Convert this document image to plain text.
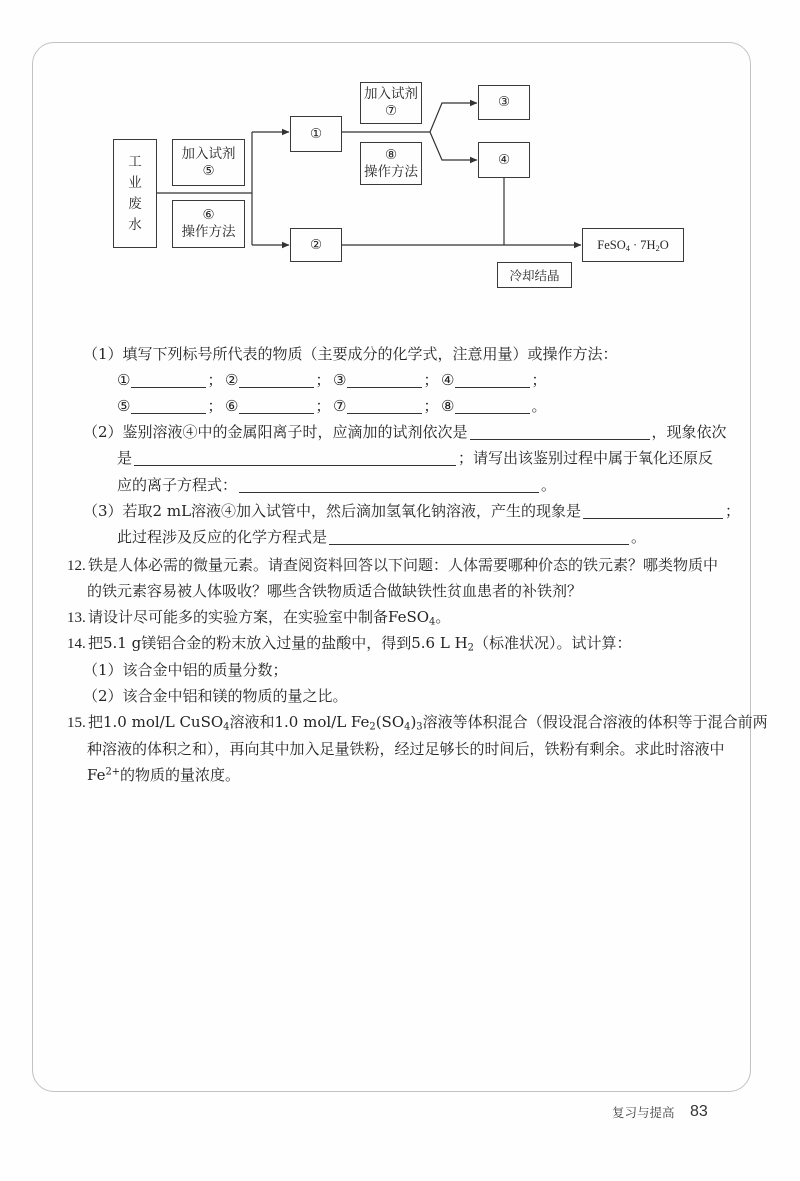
工业废水
加入试剂
⑤
⑥
操作方法
①
②
加入试剂
⑦
⑧
操作方法
③
④
FeSO$_4$ · $7H_2O$
冷却结晶
（1）填写下列标号所代表的物质（主要成分的化学式，注意用量）或操作方法：
①	； ②	； ③	； ④	；
⑤	； ⑥	； ⑦	； ⑧	。
（2）鉴别溶液④中的金属阳离子时，应滴加的试剂依次是	，现象依次
是	；请写出该鉴别过程中属于氧化还原反
应的离子方程式：	。
（3）若取2 mL溶液④加入试管中，然后滴加氢氧化钠溶液，产生的现象是	；
此过程涉及反应的化学方程式是	。
12. 铁是人体必需的微量元素。请查阅资料回答以下问题：人体需要哪种价态的铁元素？哪类物质中
的铁元素容易被人体吸收？哪些含铁物质适合做缺铁性贫血患者的补铁剂？
13. 请设计尽可能多的实验方案，在实验室中制备FeSO$_4$。
14. 把5.1 g镁铝合金的粉末放入过量的盐酸中，得到5.6 L $H_2$（标准状况）。试计算：
（1）该合金中铝的质量分数；
（2）该合金中铝和镁的物质的量之比。
15. 把1.0 mol/L CuSO$_4$溶液和1.0 mol/L $Fe_2(SO_4)_3$溶液等体积混合（假设混合溶液的体积等于混合前两
种溶液的体积之和），再向其中加入足量铁粉，经过足够长的时间后，铁粉有剩余。求此时溶液中
$Fe^{2+}$的物质的量浓度。
复习与提高 83
